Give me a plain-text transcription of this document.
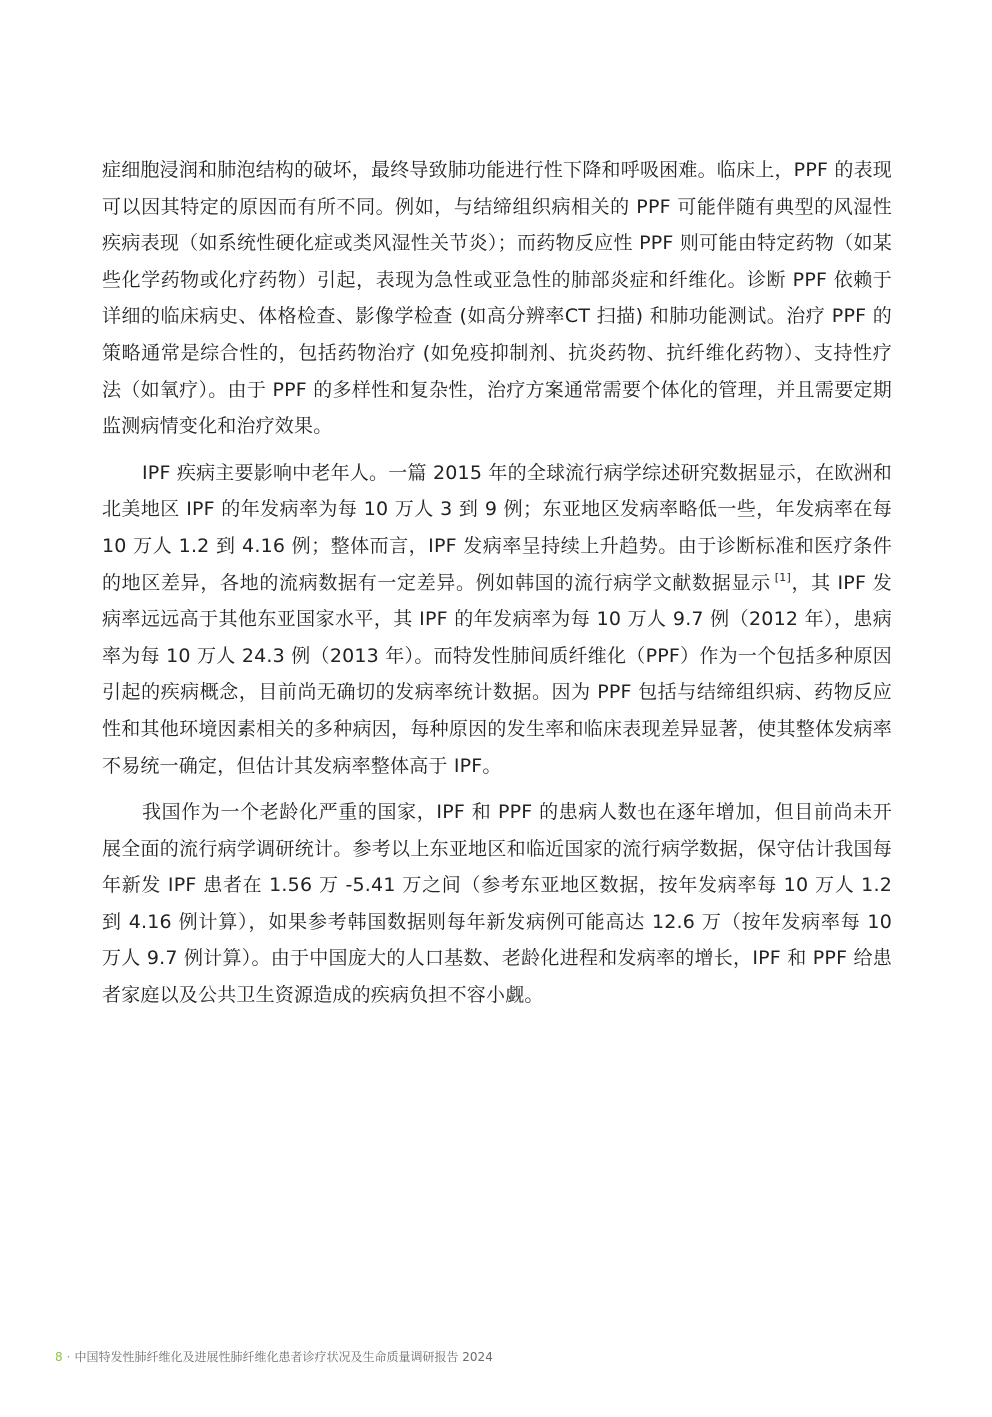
症细胞浸润和肺泡结构的破坏，最终导致肺功能进行性下降和呼吸困难。临床上，PPF 的表现可以因其特定的原因而有所不同。例如，与结缔组织病相关的 PPF 可能伴随有典型的风湿性疾病表现（如系统性硬化症或类风湿性关节炎）；而药物反应性 PPF 则可能由特定药物（如某些化学药物或化疗药物）引起，表现为急性或亚急性的肺部炎症和纤维化。诊断 PPF 依赖于详细的临床病史、体格检查、影像学检查 (如高分辨率CT 扫描) 和肺功能测试。治疗 PPF 的策略通常是综合性的，包括药物治疗 (如免疫抑制剂、抗炎药物、抗纤维化药物）、支持性疗法（如氧疗）。由于 PPF 的多样性和复杂性，治疗方案通常需要个体化的管理，并且需要定期监测病情变化和治疗效果。

IPF 疾病主要影响中老年人。一篇 2015 年的全球流行病学综述研究数据显示，在欧洲和北美地区 IPF 的年发病率为每 10 万人 3 到 9 例；东亚地区发病率略低一些，年发病率在每 10 万人 1.2 到 4.16 例；整体而言，IPF 发病率呈持续上升趋势。由于诊断标准和医疗条件的地区差异，各地的流病数据有一定差异。例如韩国的流行病学文献数据显示 [1]，其 IPF 发病率远远高于其他东亚国家水平，其 IPF 的年发病率为每 10 万人 9.7 例（2012 年），患病率为每 10 万人 24.3 例（2013 年）。而特发性肺间质纤维化（PPF）作为一个包括多种原因引起的疾病概念，目前尚无确切的发病率统计数据。因为 PPF 包括与结缔组织病、药物反应性和其他环境因素相关的多种病因，每种原因的发生率和临床表现差异显著，使其整体发病率不易统一确定，但估计其发病率整体高于 IPF。

我国作为一个老龄化严重的国家，IPF 和 PPF 的患病人数也在逐年增加，但目前尚未开展全面的流行病学调研统计。参考以上东亚地区和临近国家的流行病学数据，保守估计我国每年新发 IPF 患者在 1.56 万 -5.41 万之间（参考东亚地区数据，按年发病率每 10 万人 1.2 到 4.16 例计算），如果参考韩国数据则每年新发病例可能高达 12.6 万（按年发病率每 10 万人 9.7 例计算）。由于中国庞大的人口基数、老龄化进程和发病率的增长，IPF 和 PPF 给患者家庭以及公共卫生资源造成的疾病负担不容小觑。

8 · 中国特发性肺纤维化及进展性肺纤维化患者诊疗状况及生命质量调研报告 2024
